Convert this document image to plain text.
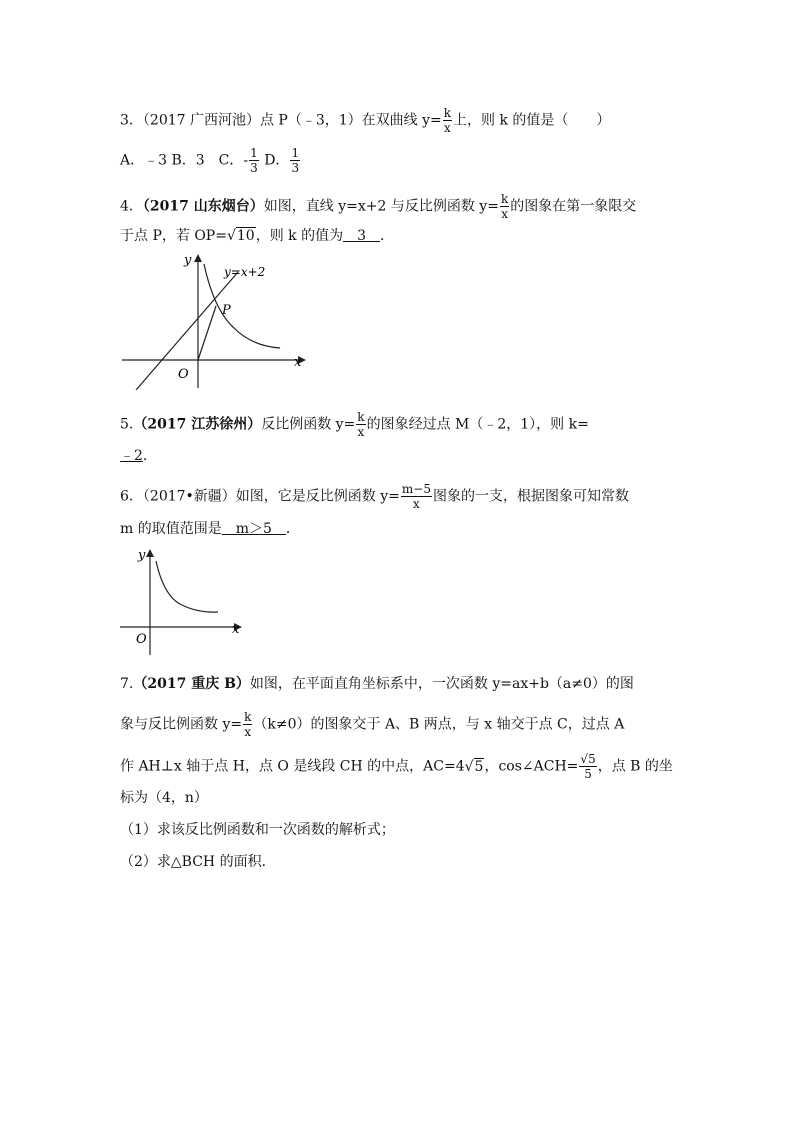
3．（2017 广西河池）点 P（﹣3，1）在双曲线 $y= \frac{k}{x}$ 上，则 k 的值是（　　）
A．﹣3 B．3　C．- $\frac{1}{3}$ D． $\frac{1}{3}$
4．（2017 山东烟台）如图，直线 y=x+2 与反比例函数 $y= \frac{k}{x}$ 的图象在第一象限交
于点 P，若 OP=√10，则 k 的值为　3　．
y
x
O
P
y=x+2
5.（2017 江苏徐州）反比例函数 $y= \frac{k}{x}$ 的图象经过点 M（﹣2，1），则 k=
﹣2．
6．（2017•新疆）如图，它是反比例函数 $y= \frac{m-5}{x}$ 图象的一支，根据图象可知常数
m 的取值范围是　m＞5　．
y
x
O
7.（2017 重庆 B）如图，在平面直角坐标系中，一次函数 y=ax+b（a≠0）的图
象与反比例函数 $y= \frac{k}{x} (k\ne 0)$的图象交于 A、B 两点，与 x 轴交于点 C，过点 A
作 AH⊥x 轴于点 H，点 O 是线段 CH 的中点，AC=4√5，cos∠ACH= $\frac{√5}{5}$ ，点 B 的坐
标为（4，n）
（1）求该反比例函数和一次函数的解析式；
（2）求△BCH 的面积．
